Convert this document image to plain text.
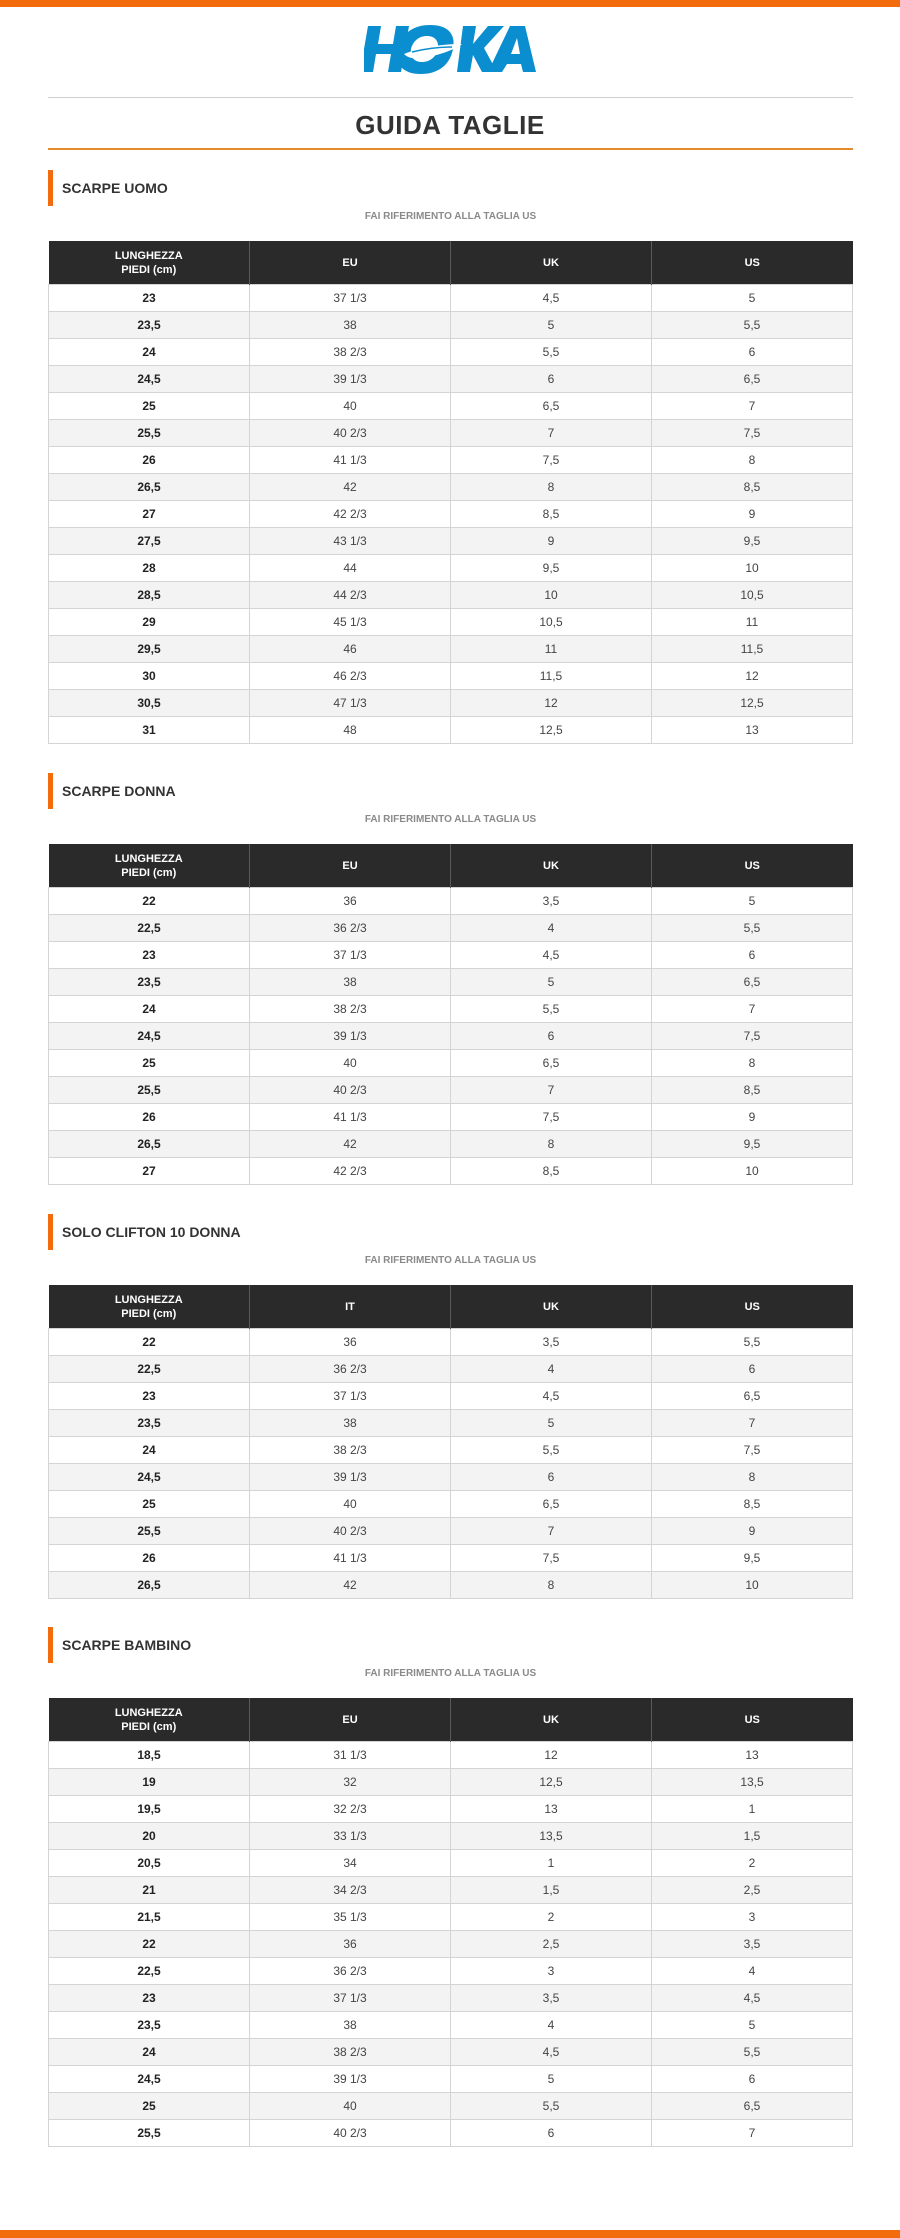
GUIDA TAGLIE
SCARPE UOMO
FAI RIFERIMENTO ALLA TAGLIA US
LUNGHEZZA
PIEDI (cm)	EU	UK	US
23	37 1/3	4,5	5
23,5	38	5	5,5
24	38 2/3	5,5	6
24,5	39 1/3	6	6,5
25	40	6,5	7
25,5	40 2/3	7	7,5
26	41 1/3	7,5	8
26,5	42	8	8,5
27	42 2/3	8,5	9
27,5	43 1/3	9	9,5
28	44	9,5	10
28,5	44 2/3	10	10,5
29	45 1/3	10,5	11
29,5	46	11	11,5
30	46 2/3	11,5	12
30,5	47 1/3	12	12,5
31	48	12,5	13
SCARPE DONNA
FAI RIFERIMENTO ALLA TAGLIA US
LUNGHEZZA
PIEDI (cm)	EU	UK	US
22	36	3,5	5
22,5	36 2/3	4	5,5
23	37 1/3	4,5	6
23,5	38	5	6,5
24	38 2/3	5,5	7
24,5	39 1/3	6	7,5
25	40	6,5	8
25,5	40 2/3	7	8,5
26	41 1/3	7,5	9
26,5	42	8	9,5
27	42 2/3	8,5	10
SOLO CLIFTON 10 DONNA
FAI RIFERIMENTO ALLA TAGLIA US
LUNGHEZZA
PIEDI (cm)	IT	UK	US
22	36	3,5	5,5
22,5	36 2/3	4	6
23	37 1/3	4,5	6,5
23,5	38	5	7
24	38 2/3	5,5	7,5
24,5	39 1/3	6	8
25	40	6,5	8,5
25,5	40 2/3	7	9
26	41 1/3	7,5	9,5
26,5	42	8	10
SCARPE BAMBINO
FAI RIFERIMENTO ALLA TAGLIA US
LUNGHEZZA
PIEDI (cm)	EU	UK	US
18,5	31 1/3	12	13
19	32	12,5	13,5
19,5	32 2/3	13	1
20	33 1/3	13,5	1,5
20,5	34	1	2
21	34 2/3	1,5	2,5
21,5	35 1/3	2	3
22	36	2,5	3,5
22,5	36 2/3	3	4
23	37 1/3	3,5	4,5
23,5	38	4	5
24	38 2/3	4,5	5,5
24,5	39 1/3	5	6
25	40	5,5	6,5
25,5	40 2/3	6	7
